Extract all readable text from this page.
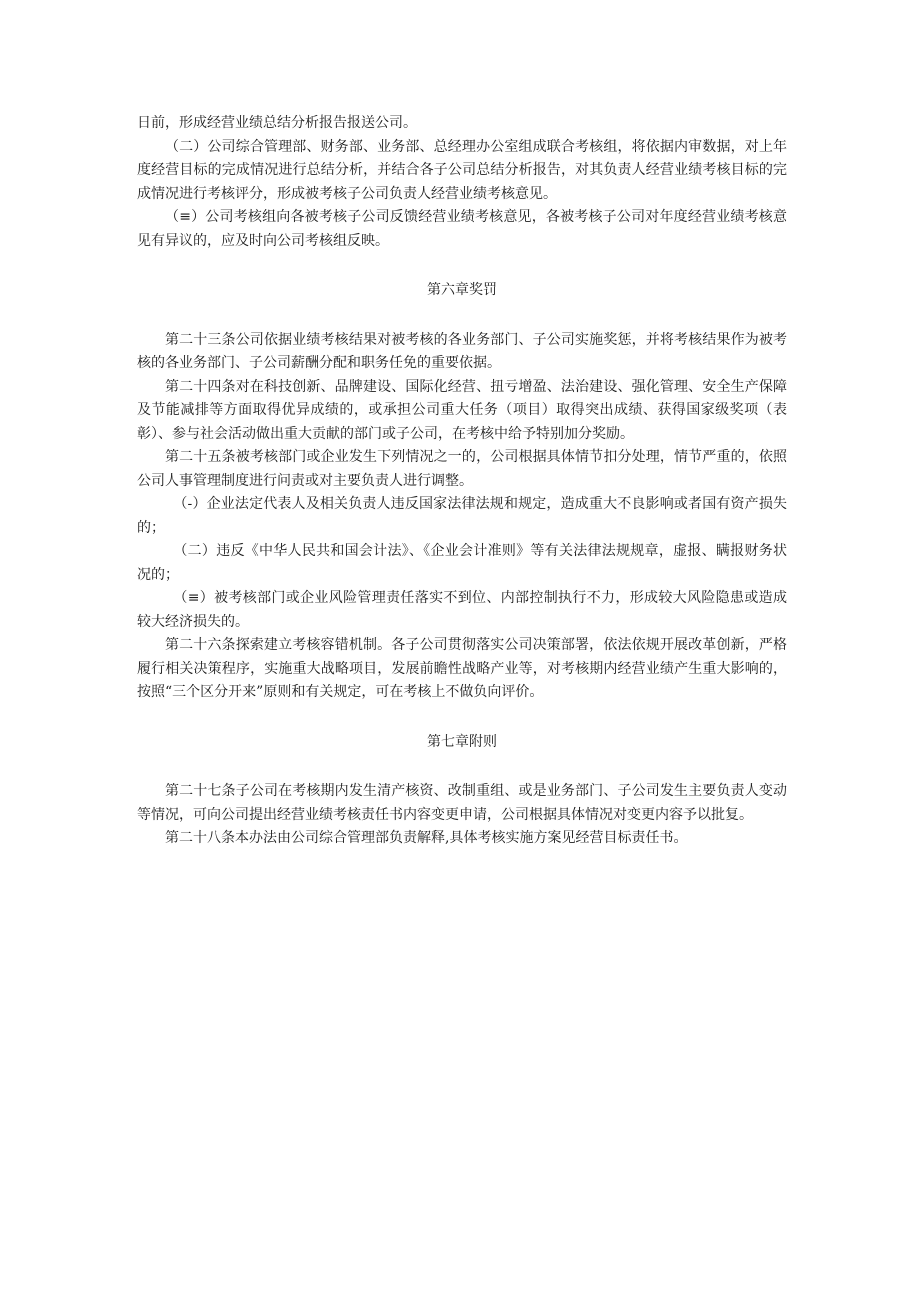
日前，形成经营业绩总结分析报告报送公司。

（二）公司综合管理部、财务部、业务部、总经理办公室组成联合考核组，将依据内审数据，对上年度经营目标的完成情况进行总结分析，并结合各子公司总结分析报告，对其负责人经营业绩考核目标的完成情况进行考核评分，形成被考核子公司负责人经营业绩考核意见。

（≡）公司考核组向各被考核子公司反馈经营业绩考核意见，各被考核子公司对年度经营业绩考核意见有异议的，应及时向公司考核组反映。

第六章奖罚

第二十三条公司依据业绩考核结果对被考核的各业务部门、子公司实施奖惩，并将考核结果作为被考核的各业务部门、子公司薪酬分配和职务任免的重要依据。

第二十四条对在科技创新、品牌建设、国际化经营、扭亏增盈、法治建设、强化管理、安全生产保障及节能减排等方面取得优异成绩的，或承担公司重大任务（项目）取得突出成绩、获得国家级奖项（表彰）、参与社会活动做出重大贡献的部门或子公司，在考核中给予特别加分奖励。

第二十五条被考核部门或企业发生下列情况之一的，公司根据具体情节扣分处理，情节严重的，依照公司人事管理制度进行问责或对主要负责人进行调整。

（-）企业法定代表人及相关负责人违反国家法律法规和规定，造成重大不良影响或者国有资产损失的；

（二）违反《中华人民共和国会计法》、《企业会计准则》等有关法律法规规章，虚报、瞒报财务状况的；

（≡）被考核部门或企业风险管理责任落实不到位、内部控制执行不力，形成较大风险隐患或造成较大经济损失的。

第二十六条探索建立考核容错机制。各子公司贯彻落实公司决策部署，依法依规开展改革创新，严格履行相关决策程序，实施重大战略项目，发展前瞻性战略产业等，对考核期内经营业绩产生重大影响的，按照“三个区分开来”原则和有关规定，可在考核上不做负向评价。

第七章附则

第二十七条子公司在考核期内发生清产核资、改制重组、或是业务部门、子公司发生主要负责人变动等情况，可向公司提出经营业绩考核责任书内容变更申请，公司根据具体情况对变更内容予以批复。

第二十八条本办法由公司综合管理部负责解释,具体考核实施方案见经营目标责任书。
